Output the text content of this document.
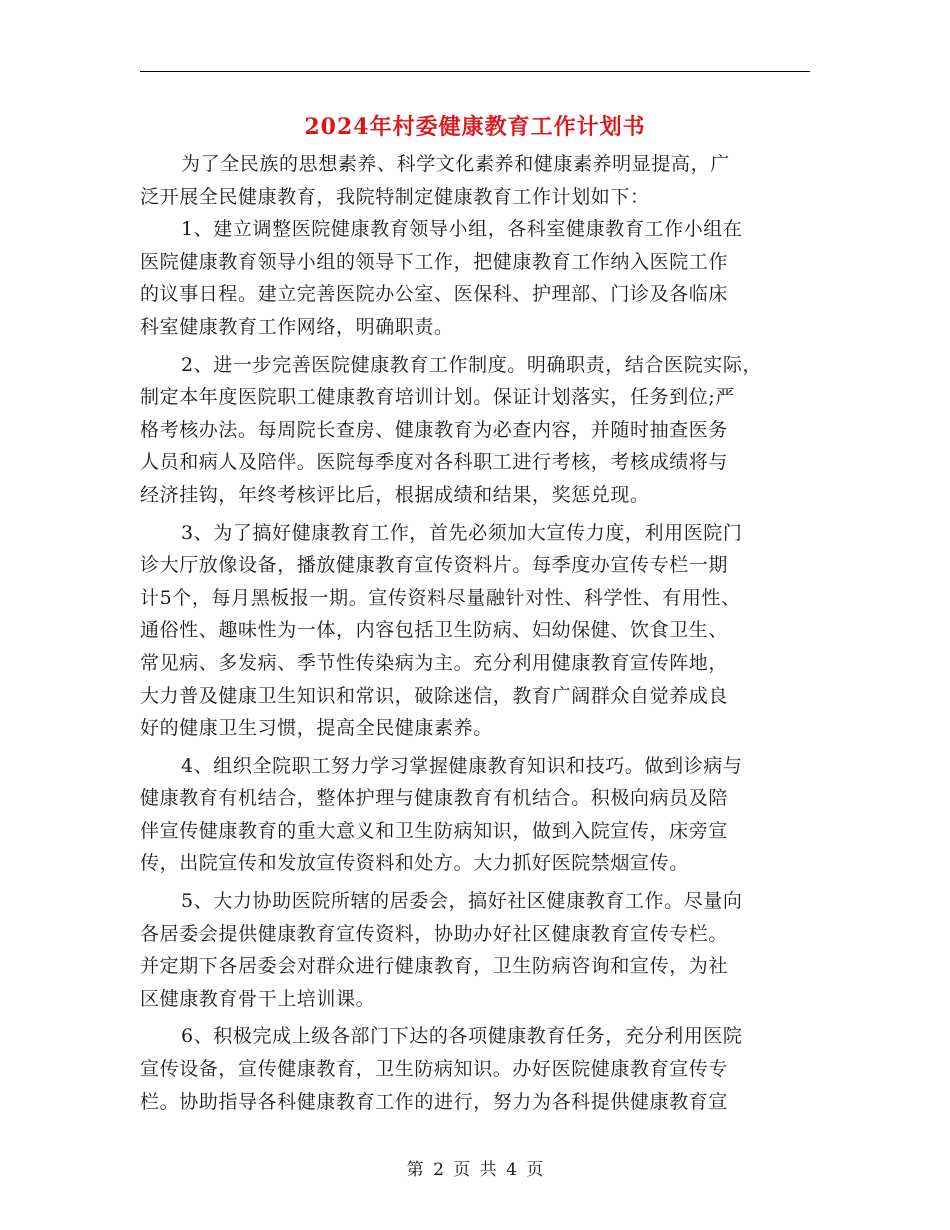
2024年村委健康教育工作计划书
为了全民族的思想素养、科学文化素养和健康素养明显提高，广
泛开展全民健康教育，我院特制定健康教育工作计划如下：
1、建立调整医院健康教育领导小组，各科室健康教育工作小组在
医院健康教育领导小组的领导下工作，把健康教育工作纳入医院工作
的议事日程。建立完善医院办公室、医保科、护理部、门诊及各临床
科室健康教育工作网络，明确职责。
2、进一步完善医院健康教育工作制度。明确职责，结合医院实际，
制定本年度医院职工健康教育培训计划。保证计划落实，任务到位;严
格考核办法。每周院长查房、健康教育为必查内容，并随时抽查医务
人员和病人及陪伴。医院每季度对各科职工进行考核，考核成绩将与
经济挂钩，年终考核评比后，根据成绩和结果，奖惩兑现。
3、为了搞好健康教育工作，首先必须加大宣传力度，利用医院门
诊大厅放像设备，播放健康教育宣传资料片。每季度办宣传专栏一期
计5个，每月黑板报一期。宣传资料尽量融针对性、科学性、有用性、
通俗性、趣味性为一体，内容包括卫生防病、妇幼保健、饮食卫生、
常见病、多发病、季节性传染病为主。充分利用健康教育宣传阵地，
大力普及健康卫生知识和常识，破除迷信，教育广阔群众自觉养成良
好的健康卫生习惯，提高全民健康素养。
4、组织全院职工努力学习掌握健康教育知识和技巧。做到诊病与
健康教育有机结合，整体护理与健康教育有机结合。积极向病员及陪
伴宣传健康教育的重大意义和卫生防病知识，做到入院宣传，床旁宣
传，出院宣传和发放宣传资料和处方。大力抓好医院禁烟宣传。
5、大力协助医院所辖的居委会，搞好社区健康教育工作。尽量向
各居委会提供健康教育宣传资料，协助办好社区健康教育宣传专栏。
并定期下各居委会对群众进行健康教育，卫生防病咨询和宣传，为社
区健康教育骨干上培训课。
6、积极完成上级各部门下达的各项健康教育任务，充分利用医院
宣传设备，宣传健康教育，卫生防病知识。办好医院健康教育宣传专
栏。协助指导各科健康教育工作的进行，努力为各科提供健康教育宣
第 2 页 共 4 页
